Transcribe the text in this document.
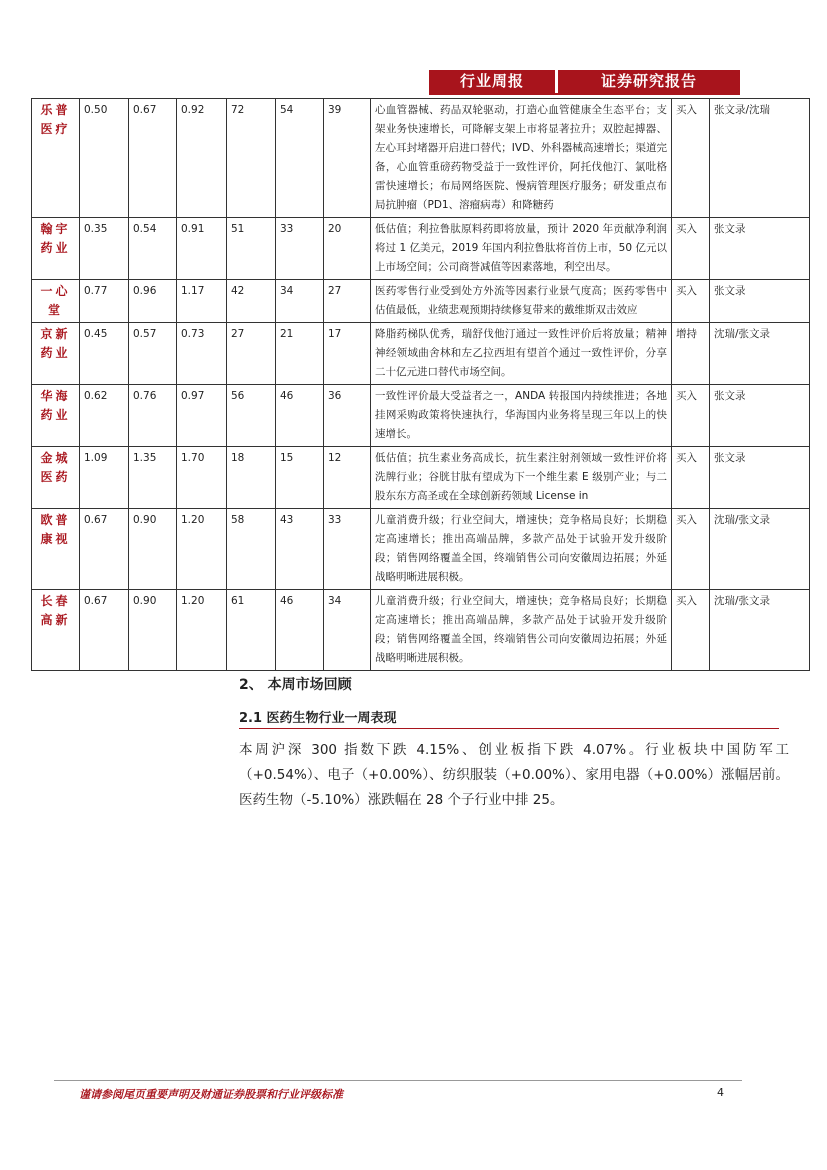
行业周报	证券研究报告
乐普医疗	0.50	0.67	0.92	72	54	39	心血管器械、药品双轮驱动，打造心血管健康全生态平台；支架业务快速增长，可降解支架上市将显著拉升；双腔起搏器、左心耳封堵器开启进口替代；IVD、外科器械高速增长；渠道完备，心血管重磅药物受益于一致性评价，阿托伐他汀、氯吡格雷快速增长；布局网络医院、慢病管理医疗服务；研发重点布局抗肿瘤（PD1、溶瘤病毒）和降糖药	买入	张文录/沈瑞
翰宇药业	0.35	0.54	0.91	51	33	20	低估值；利拉鲁肽原料药即将放量，预计 2020 年贡献净利润将过 1 亿美元，2019 年国内利拉鲁肽将首仿上市，50 亿元以上市场空间；公司商誉减值等因素落地，利空出尽。	买入	张文录
一心堂	0.77	0.96	1.17	42	34	27	医药零售行业受到处方外流等因素行业景气度高；医药零售中估值最低，业绩悲观预期持续修复带来的戴维斯双击效应	买入	张文录
京新药业	0.45	0.57	0.73	27	21	17	降脂药梯队优秀，瑞舒伐他汀通过一致性评价后将放量；精神神经领域曲舍林和左乙拉西坦有望首个通过一致性评价，分享二十亿元进口替代市场空间。	增持	沈瑞/张文录
华海药业	0.62	0.76	0.97	56	46	36	一致性评价最大受益者之一，ANDA 转报国内持续推进；各地挂网采购政策将快速执行，华海国内业务将呈现三年以上的快速增长。	买入	张文录
金城医药	1.09	1.35	1.70	18	15	12	低估值；抗生素业务高成长，抗生素注射剂领域一致性评价将洗牌行业；谷胱甘肽有望成为下一个维生素 E 级别产业；与二股东东方高圣或在全球创新药领域 License in	买入	张文录
欧普康视	0.67	0.90	1.20	58	43	33	儿童消费升级；行业空间大，增速快；竞争格局良好；长期稳定高速增长；推出高端品牌，多款产品处于试验开发升级阶段；销售网络覆盖全国，终端销售公司向安徽周边拓展；外延战略明晰进展积极。	买入	沈瑞/张文录
长春高新	0.67	0.90	1.20	61	46	34	儿童消费升级；行业空间大，增速快；竞争格局良好；长期稳定高速增长；推出高端品牌，多款产品处于试验开发升级阶段；销售网络覆盖全国，终端销售公司向安徽周边拓展；外延战略明晰进展积极。	买入	沈瑞/张文录
2、 本周市场回顾
2.1 医药生物行业一周表现
本周沪深 300 指数下跌 4.15%、创业板指下跌 4.07%。行业板块中国防军工（+0.54%）、电子（+0.00%）、纺织服装（+0.00%）、家用电器（+0.00%）涨幅居前。医药生物（-5.10%）涨跌幅在 28 个子行业中排 25。
谨请参阅尾页重要声明及财通证券股票和行业评级标准	4
